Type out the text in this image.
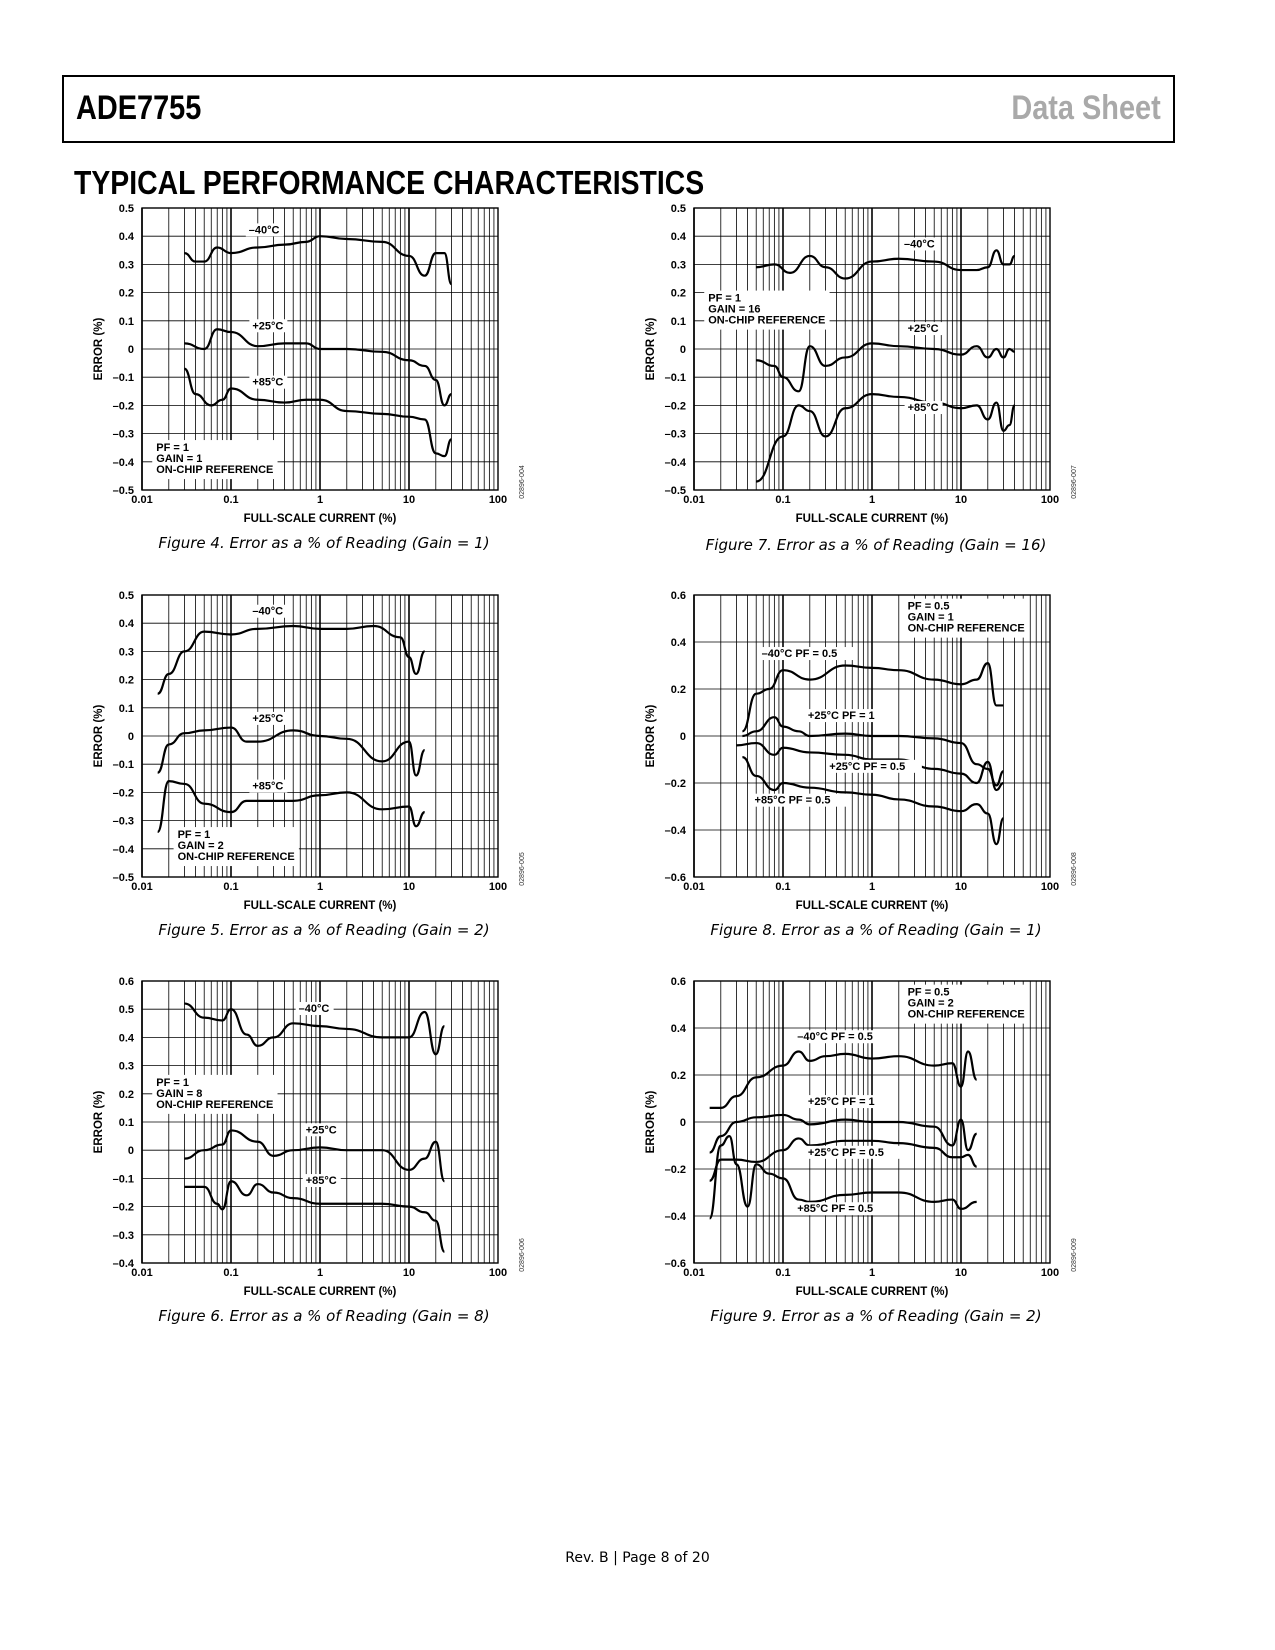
ADE7755	Data Sheet
TYPICAL PERFORMANCE CHARACTERISTICS
0.5
0.4
0.3
0.2
0.1
0
–0.1
–0.2
–0.3
–0.4
–0.5
0.01	0.1	1	10	100
FULL-SCALE CURRENT (%)
ERROR (%)
02896-004
–40°C
+25°C
+85°C
PF = 1
GAIN = 1
ON-CHIP REFERENCE
Figure 4. Error as a % of Reading (Gain = 1)
0.5
0.4
0.3
0.2
0.1
0
–0.1
–0.2
–0.3
–0.4
–0.5
0.01	0.1	1	10	100
FULL-SCALE CURRENT (%)
ERROR (%)
02896-005
–40°C
+25°C
+85°C
PF = 1
GAIN = 2
ON-CHIP REFERENCE
Figure 5. Error as a % of Reading (Gain = 2)
0.6
0.5
0.4
0.3
0.2
0.1
0
–0.1
–0.2
–0.3
–0.4
0.01	0.1	1	10	100
FULL-SCALE CURRENT (%)
ERROR (%)
02896-006
–40°C
+25°C
+85°C
PF = 1
GAIN = 8
ON-CHIP REFERENCE
Figure 6. Error as a % of Reading (Gain = 8)
0.5
0.4
0.3
0.2
0.1
0
–0.1
–0.2
–0.3
–0.4
–0.5
0.01	0.1	1	10	100
FULL-SCALE CURRENT (%)
ERROR (%)
02896-007
–40°C
+25°C
+85°C
PF = 1
GAIN = 16
ON-CHIP REFERENCE
Figure 7. Error as a % of Reading (Gain = 16)
0.6
0.4
0.2
0
–0.2
–0.4
–0.6
0.01	0.1	1	10	100
FULL-SCALE CURRENT (%)
ERROR (%)
02896-008
–40°C PF = 0.5
+25°C PF = 1
+25°C PF = 0.5
+85°C PF = 0.5
PF = 0.5
GAIN = 1
ON-CHIP REFERENCE
Figure 8. Error as a % of Reading (Gain = 1)
0.6
0.4
0.2
0
–0.2
–0.4
–0.6
0.01	0.1	1	10	100
FULL-SCALE CURRENT (%)
ERROR (%)
02896-009
–40°C PF = 0.5
+25°C PF = 1
+25°C PF = 0.5
+85°C PF = 0.5
PF = 0.5
GAIN = 2
ON-CHIP REFERENCE
Figure 9. Error as a % of Reading (Gain = 2)
Rev. B | Page 8 of 20
